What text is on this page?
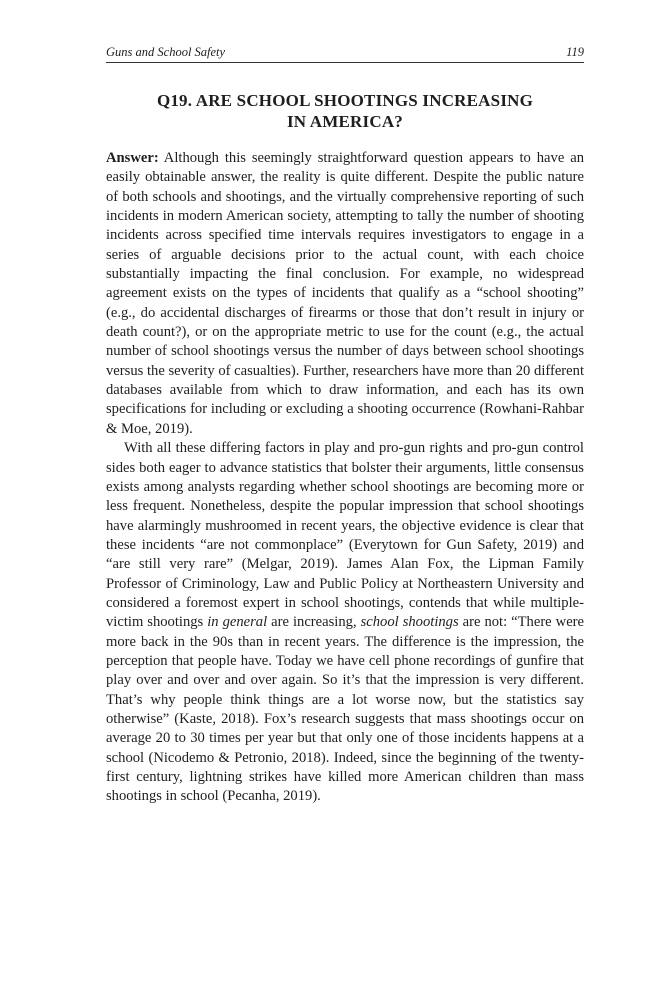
Guns and School Safety	119
Q19. ARE SCHOOL SHOOTINGS INCREASING
IN AMERICA?

Answer: Although this seemingly straightforward question appears to have an easily obtainable answer, the reality is quite different. Despite the public nature of both schools and shootings, and the virtually comprehensive reporting of such incidents in modern American society, attempting to tally the number of shooting incidents across specified time intervals requires investigators to engage in a series of arguable decisions prior to the actual count, with each choice substantially impacting the final conclusion. For example, no widespread agreement exists on the types of incidents that qualify as a “school shooting” (e.g., do accidental discharges of firearms or those that don’t result in injury or death count?), or on the appropriate metric to use for the count (e.g., the actual number of school shootings versus the number of days between school shootings versus the severity of casualties). Further, researchers have more than 20 different databases available from which to draw information, and each has its own specifications for including or excluding a shooting occurrence (Rowhani-Rahbar & Moe, 2019).

With all these differing factors in play and pro-gun rights and pro-gun control sides both eager to advance statistics that bolster their arguments, little consensus exists among analysts regarding whether school shootings are becoming more or less frequent. Nonetheless, despite the popular impression that school shootings have alarmingly mushroomed in recent years, the objective evidence is clear that these incidents “are not commonplace” (Everytown for Gun Safety, 2019) and “are still very rare” (Melgar, 2019). James Alan Fox, the Lipman Family Professor of Criminology, Law and Public Policy at Northeastern University and considered a foremost expert in school shootings, contends that while multiple-victim shootings in general are increasing, school shootings are not: “There were more back in the 90s than in recent years. The difference is the impression, the perception that people have. Today we have cell phone recordings of gunfire that play over and over and over again. So it’s that the impression is very different. That’s why people think things are a lot worse now, but the statistics say otherwise” (Kaste, 2018). Fox’s research suggests that mass shootings occur on average 20 to 30 times per year but that only one of those incidents happens at a school (Nicodemo & Petronio, 2018). Indeed, since the beginning of the twenty-first century, lightning strikes have killed more American children than mass shootings in school (Pecanha, 2019).
